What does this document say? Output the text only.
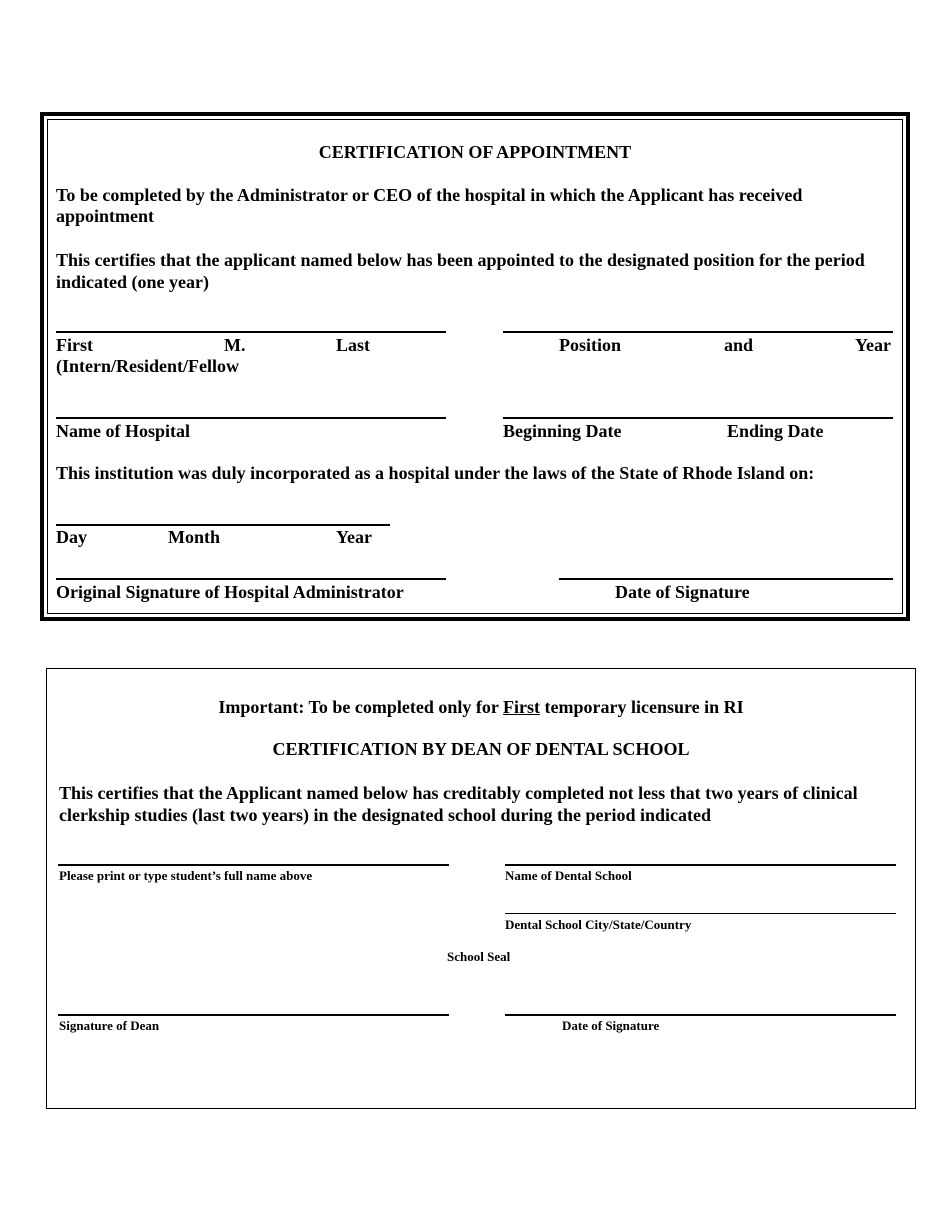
CERTIFICATION OF APPOINTMENT
To be completed by the Administrator or CEO of the hospital in which the Applicant has received appointment
This certifies that the applicant named below has been appointed to the designated position for the period indicated (one year)
First	M.	Last
(Intern/Resident/Fellow
Position	and	Year
Name of Hospital	Beginning Date	Ending Date
This institution was duly incorporated as a hospital under the laws of the State of Rhode Island on:
Day	Month	Year
Original Signature of Hospital Administrator	Date of Signature
Important: To be completed only for First temporary licensure in RI
CERTIFICATION BY DEAN OF DENTAL SCHOOL
This certifies that the Applicant named below has creditably completed not less that two years of clinical clerkship studies (last two years) in the designated school during the period indicated
Please print or type student’s full name above	Name of Dental School
Dental School City/State/Country
School Seal
Signature of Dean	Date of Signature
